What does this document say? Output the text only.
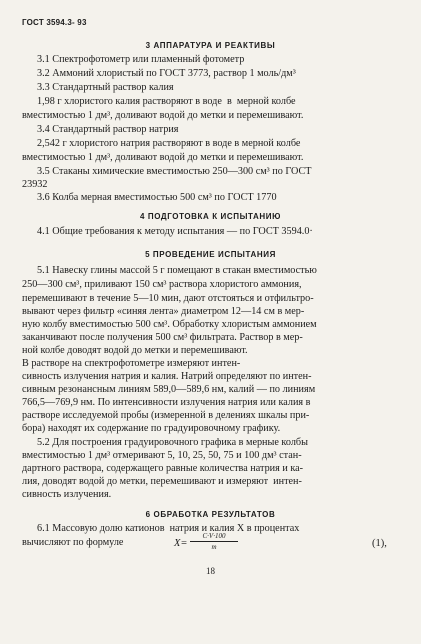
ГОСТ 3594.3- 93
3 АППАРАТУРА И РЕАКТИВЫ
3.1 Спектрофотометр или пламенный фотометр
3.2 Аммоний хлористый по ГОСТ 3773, раствор 1 моль/дм³
3.3 Стандартный раствор калия
1,98 г хлористого калия растворяют в воде  в  мерной колбе
вместимостью 1 дм³, доливают водой до метки и перемешивают.
3.4 Стандартный раствор натрия
2,542 г хлористого натрия растворяют в воде в мерной колбе
вместимостью 1 дм³, доливают водой до метки и перемешивают.
3.5 Стаканы химические вместимостью 250—300 см³ по ГОСТ
23932
3.6 Колба мерная вместимостью 500 см³ по ГОСТ 1770
4 ПОДГОТОВКА К ИСПЫТАНИЮ
4.1 Общие требования к методу испытания — по ГОСТ 3594.0·
5 ПРОВЕДЕНИЕ ИСПЫТАНИЯ
5.1 Навеску глины массой 5 г помещают в стакан вместимостью
250—300 см³, приливают 150 см³ раствора хлористого аммония,
перемешивают в течение 5—10 мин, дают отстояться и отфильтро-
вывают через фильтр «синяя лента» диаметром 12—14 см в мер-
ную колбу вместимостью 500 см³. Обработку хлористым аммонием
заканчивают после получения 500 см³ фильтрата. Раствор в мер-
ной колбе доводят водой до метки и перемешивают.
В растворе на спектрофотометре измеряют интен-
сивность излучения натрия и калия. Натрий определяют по интен-
сивным резонансным линиям 589,0—589,6 нм, калий — по линиям
766,5—769,9 нм. По интенсивности излучения натрия или калия в
растворе исследуемой пробы (измеренной в делениях шкалы при-
бора) находят их содержание по градуировочному графику.
5.2 Для построения градуировочного графика в мерные колбы
вместимостью 1 дм³ отмеривают 5, 10, 25, 50, 75 и 100 дм³ стан-
дартного раствора, содержащего равные количества натрия и ка-
лия, доводят водой до метки, перемешивают и измеряют  интен-
сивность излучения.
6 ОБРАБОТКА РЕЗУЛЬТАТОВ
6.1 Массовую долю катионов  натрия и калия X в процентах
вычисляют по формуле	$X= \frac{C\cdot V\cdot 100}{m}$	(1),
18
